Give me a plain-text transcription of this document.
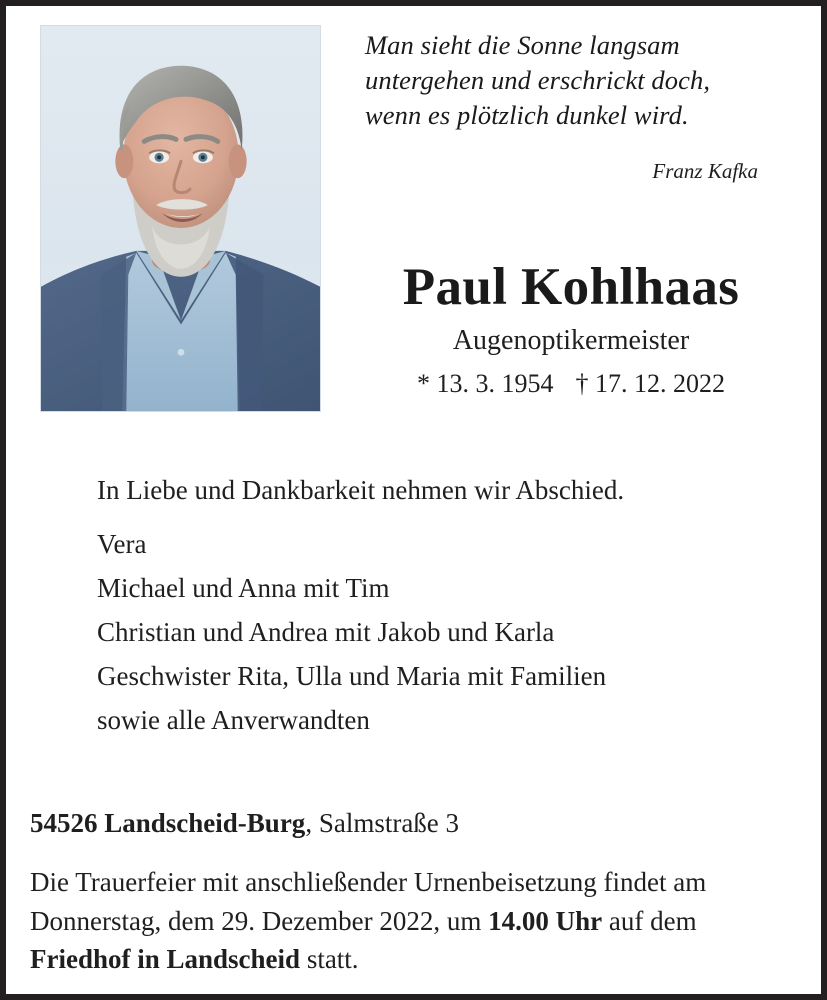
Man sieht die Sonne langsam
untergehen und erschrickt doch,
wenn es plötzlich dunkel wird.
Franz Kafka
Paul Kohlhaas
Augenoptikermeister
* 13. 3. 1954 † 17. 12. 2022
In Liebe und Dankbarkeit nehmen wir Abschied.
Vera
Michael und Anna mit Tim
Christian und Andrea mit Jakob und Karla
Geschwister Rita, Ulla und Maria mit Familien
sowie alle Anverwandten
54526 Landscheid-Burg, Salmstraße 3
Die Trauerfeier mit anschließender Urnenbeisetzung findet am Donnerstag, dem 29. Dezember 2022, um 14.00 Uhr auf dem Friedhof in Landscheid statt.
